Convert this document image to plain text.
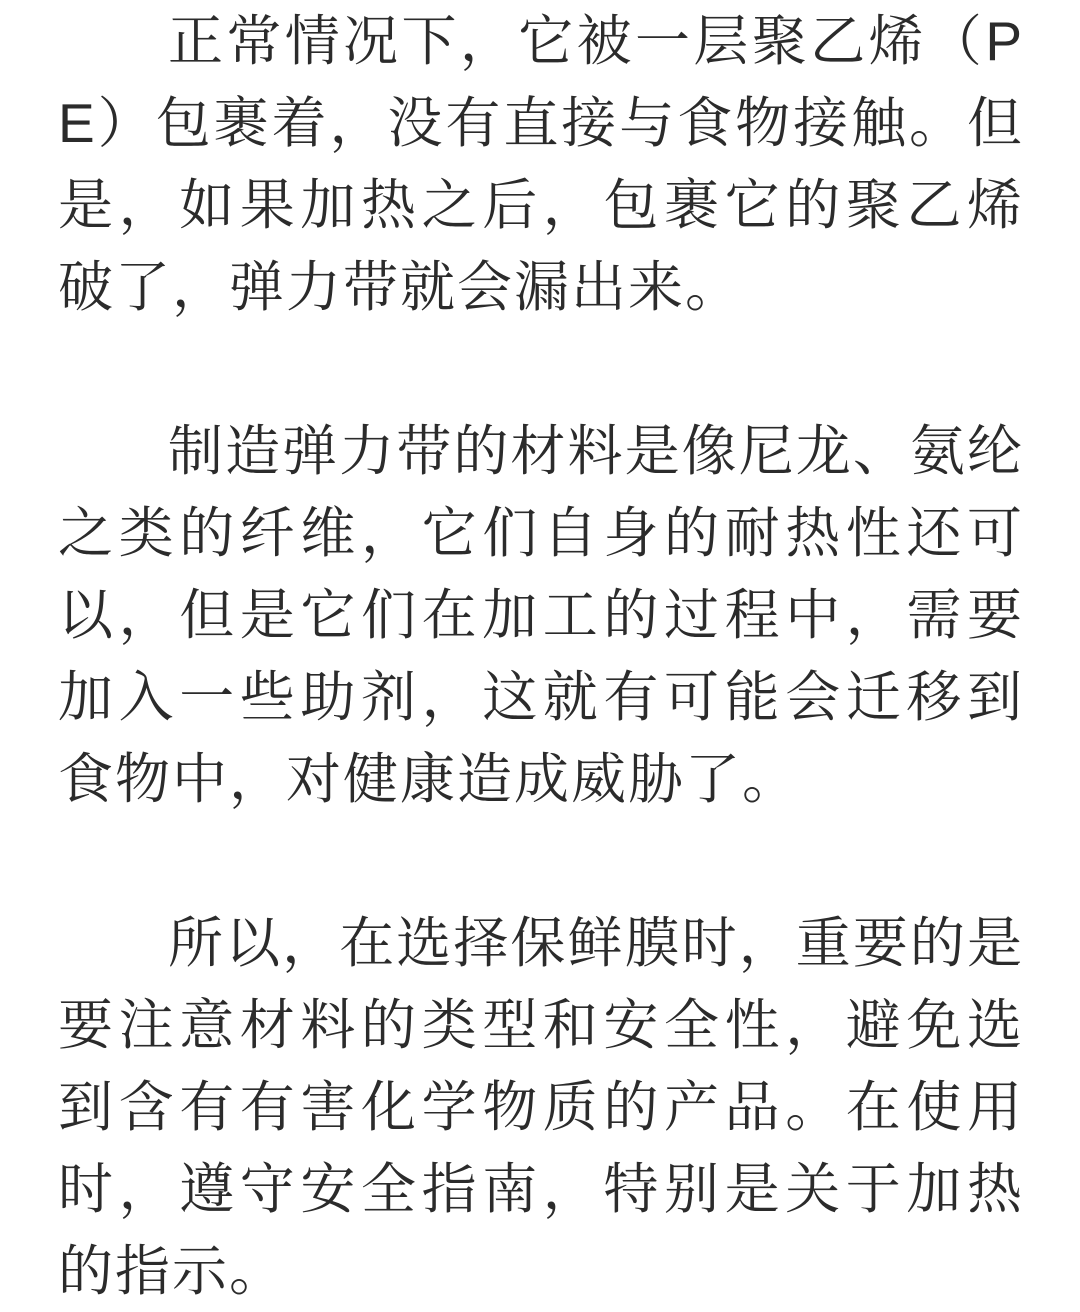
正常情况下，它被一层聚乙烯（PE）包裹着，没有直接与食物接触。但是，如果加热之后，包裹它的聚乙烯破了，弹力带就会漏出来。

制造弹力带的材料是像尼龙、氨纶之类的纤维，它们自身的耐热性还可以，但是它们在加工的过程中，需要加入一些助剂，这就有可能会迁移到食物中，对健康造成威胁了。

所以，在选择保鲜膜时，重要的是要注意材料的类型和安全性，避免选到含有有害化学物质的产品。在使用时，遵守安全指南，特别是关于加热的指示。
